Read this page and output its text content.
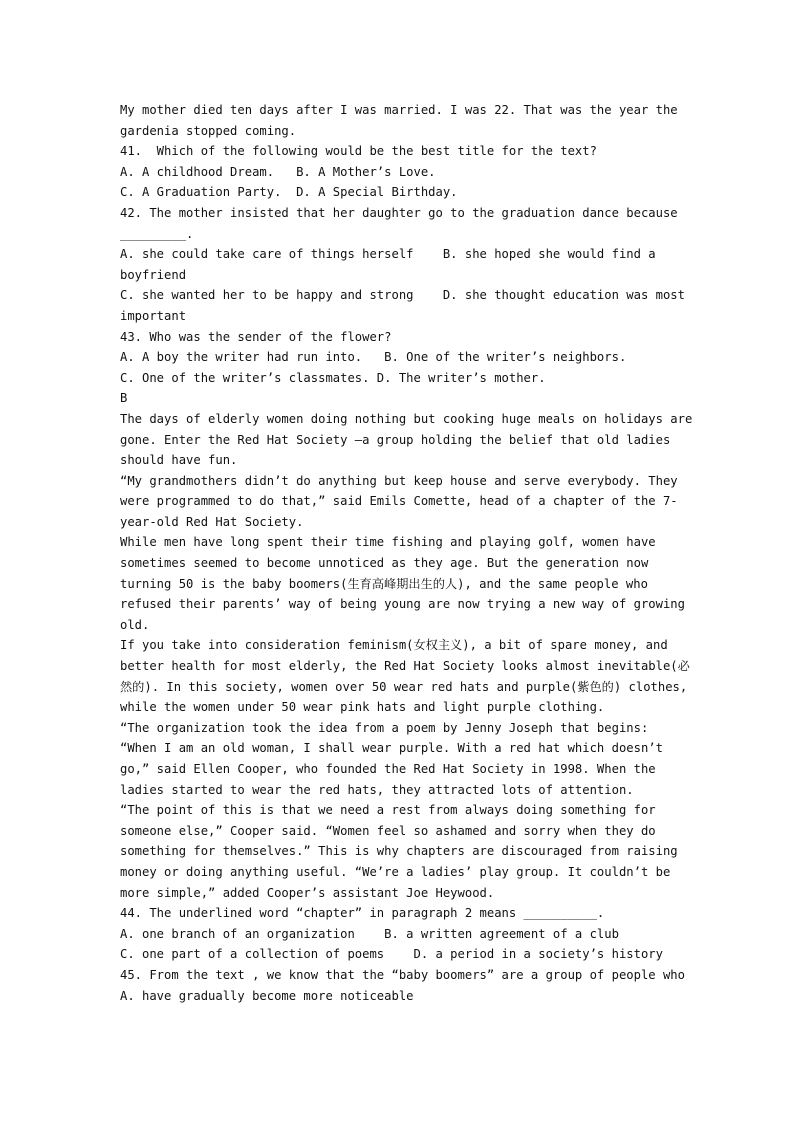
My mother died ten days after I was married. I was 22. That was the year the
gardenia stopped coming.
41.  Which of the following would be the best title for the text?
A. A childhood Dream.   B. A Mother’s Love.
C. A Graduation Party.  D. A Special Birthday.
42. The mother insisted that her daughter go to the graduation dance because
_________.
A. she could take care of things herself    B. she hoped she would find a
boyfriend
C. she wanted her to be happy and strong    D. she thought education was most
important
43. Who was the sender of the flower?
A. A boy the writer had run into.   B. One of the writer’s neighbors.
C. One of the writer’s classmates. D. The writer’s mother.
B
The days of elderly women doing nothing but cooking huge meals on holidays are
gone. Enter the Red Hat Society —a group holding the belief that old ladies
should have fun.
“My grandmothers didn’t do anything but keep house and serve everybody. They
were programmed to do that,” said Emils Comette, head of a chapter of the 7-
year-old Red Hat Society.
While men have long spent their time fishing and playing golf, women have
sometimes seemed to become unnoticed as they age. But the generation now
turning 50 is the baby boomers(生育高峰期出生的人), and the same people who
refused their parents’ way of being young are now trying a new way of growing
old.
If you take into consideration feminism(女权主义), a bit of spare money, and
better health for most elderly, the Red Hat Society looks almost inevitable(必
然的). In this society, women over 50 wear red hats and purple(紫色的) clothes,
while the women under 50 wear pink hats and light purple clothing.
“The organization took the idea from a poem by Jenny Joseph that begins:
“When I am an old woman, I shall wear purple. With a red hat which doesn’t
go,” said Ellen Cooper, who founded the Red Hat Society in 1998. When the
ladies started to wear the red hats, they attracted lots of attention.
“The point of this is that we need a rest from always doing something for
someone else,” Cooper said. “Women feel so ashamed and sorry when they do
something for themselves.” This is why chapters are discouraged from raising
money or doing anything useful. “We’re a ladies’ play group. It couldn’t be
more simple,” added Cooper’s assistant Joe Heywood.
44. The underlined word “chapter” in paragraph 2 means __________.
A. one branch of an organization    B. a written agreement of a club
C. one part of a collection of poems    D. a period in a society’s history
45. From the text , we know that the “baby boomers” are a group of people who
A. have gradually become more noticeable
